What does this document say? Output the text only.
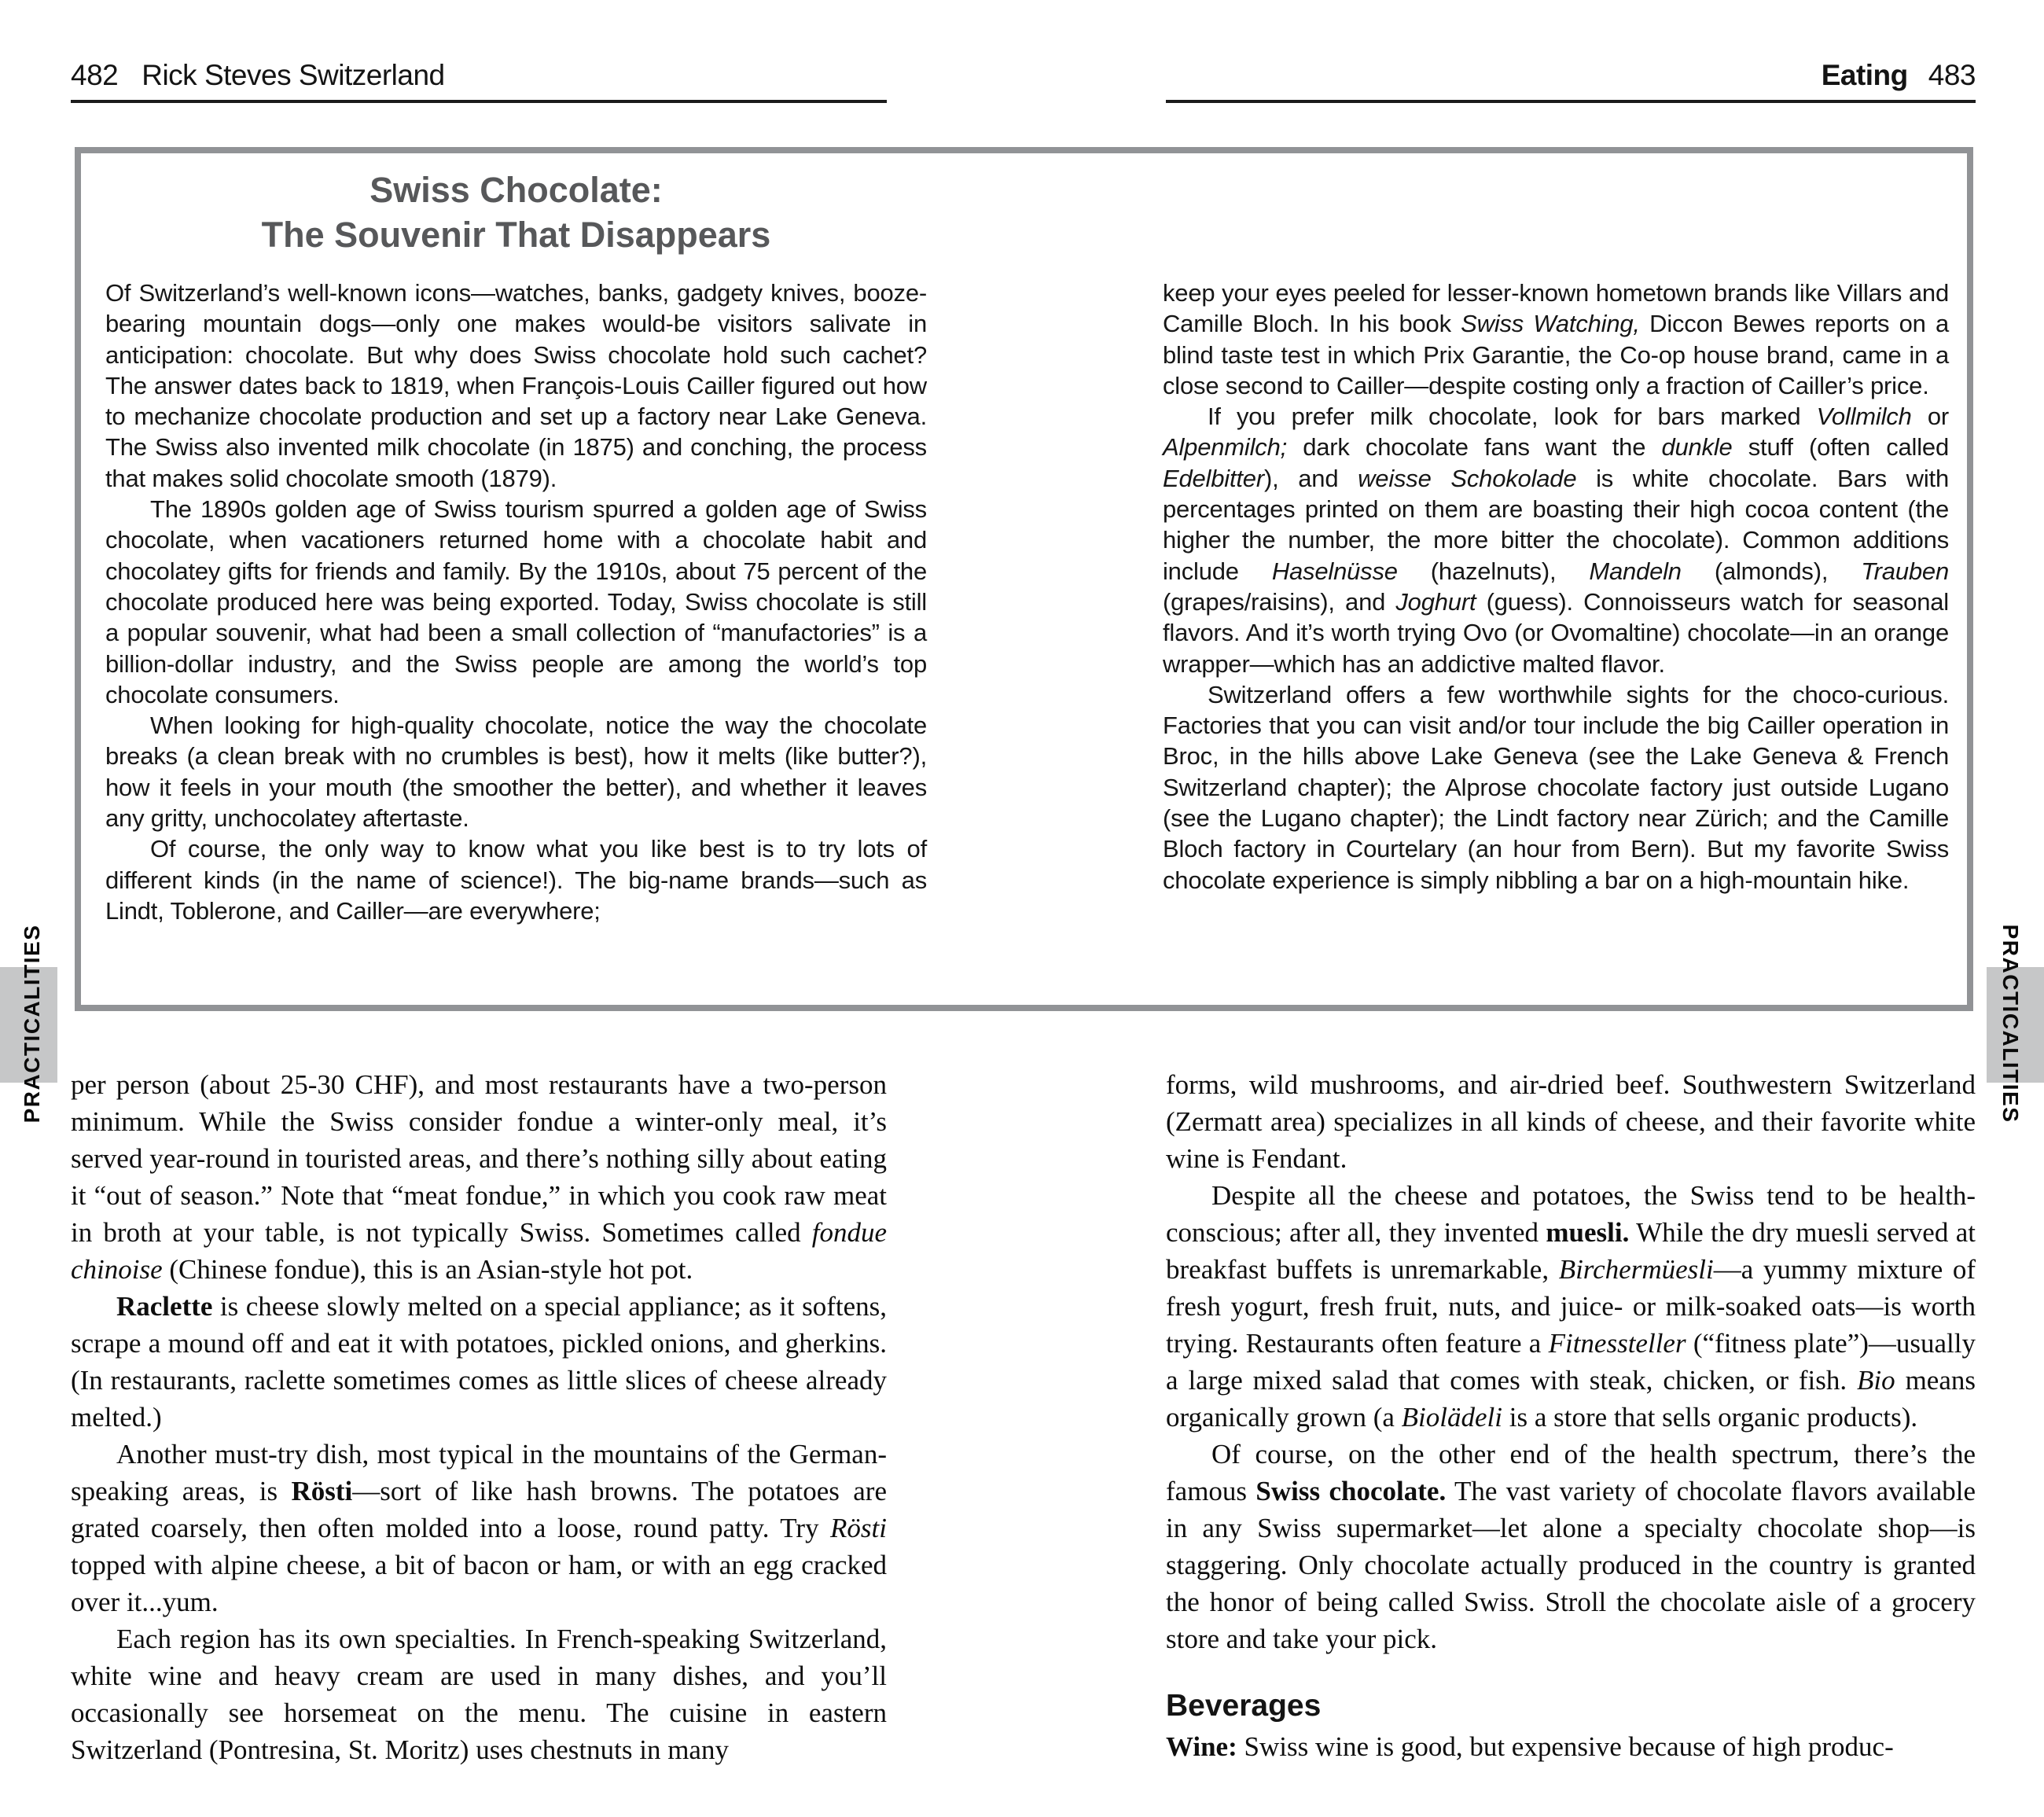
482 Rick Steves Switzerland	Eating 483
Swiss Chocolate:
The Souvenir That Disappears

Of Switzerland’s well-known icons—watches, banks, gadgety knives, booze-bearing mountain dogs—only one makes would-be visitors salivate in anticipation: chocolate. But why does Swiss chocolate hold such cachet? The answer dates back to 1819, when François-Louis Cailler figured out how to mechanize chocolate production and set up a factory near Lake Geneva. The Swiss also invented milk chocolate (in 1875) and conching, the process that makes solid chocolate smooth (1879).

The 1890s golden age of Swiss tourism spurred a golden age of Swiss chocolate, when vacationers returned home with a chocolate habit and chocolatey gifts for friends and family. By the 1910s, about 75 percent of the chocolate produced here was being exported. Today, Swiss chocolate is still a popular souvenir, what had been a small collection of “manufactories” is a billion-dollar industry, and the Swiss people are among the world’s top chocolate consumers.

When looking for high-quality chocolate, notice the way the chocolate breaks (a clean break with no crumbles is best), how it melts (like butter?), how it feels in your mouth (the smoother the better), and whether it leaves any gritty, unchocolatey aftertaste.

Of course, the only way to know what you like best is to try lots of different kinds (in the name of science!). The big-name brands—such as Lindt, Toblerone, and Cailler—are everywhere;

keep your eyes peeled for lesser-known hometown brands like Villars and Camille Bloch. In his book Swiss Watching, Diccon Bewes reports on a blind taste test in which Prix Garantie, the Co-op house brand, came in a close second to Cailler—despite costing only a fraction of Cailler’s price.

If you prefer milk chocolate, look for bars marked Vollmilch or Alpenmilch; dark chocolate fans want the dunkle stuff (often called Edelbitter), and weisse Schokolade is white chocolate. Bars with percentages printed on them are boasting their high cocoa content (the higher the number, the more bitter the chocolate). Common additions include Haselnüsse (hazelnuts), Mandeln (almonds), Trauben (grapes/raisins), and Joghurt (guess). Connoisseurs watch for seasonal flavors. And it’s worth trying Ovo (or Ovomaltine) chocolate—in an orange wrapper—which has an addictive malted flavor.

Switzerland offers a few worthwhile sights for the choco-curious. Factories that you can visit and/or tour include the big Cailler operation in Broc, in the hills above Lake Geneva (see the Lake Geneva & French Switzerland chapter); the Alprose chocolate factory just outside Lugano (see the Lugano chapter); the Lindt factory near Zürich; and the Camille Bloch factory in Courtelary (an hour from Bern). But my favorite Swiss chocolate experience is simply nibbling a bar on a high-mountain hike.

per person (about 25-30 CHF), and most restaurants have a two-person minimum. While the Swiss consider fondue a winter-only meal, it’s served year-round in touristed areas, and there’s nothing silly about eating it “out of season.” Note that “meat fondue,” in which you cook raw meat in broth at your table, is not typically Swiss. Sometimes called fondue chinoise (Chinese fondue), this is an Asian-style hot pot.

Raclette is cheese slowly melted on a special appliance; as it softens, scrape a mound off and eat it with potatoes, pickled onions, and gherkins. (In restaurants, raclette sometimes comes as little slices of cheese already melted.)

Another must-try dish, most typical in the mountains of the German-speaking areas, is Rösti—sort of like hash browns. The potatoes are grated coarsely, then often molded into a loose, round patty. Try Rösti topped with alpine cheese, a bit of bacon or ham, or with an egg cracked over it...yum.

Each region has its own specialties. In French-speaking Switzerland, white wine and heavy cream are used in many dishes, and you’ll occasionally see horsemeat on the menu. The cuisine in eastern Switzerland (Pontresina, St. Moritz) uses chestnuts in many

forms, wild mushrooms, and air-dried beef. Southwestern Switzerland (Zermatt area) specializes in all kinds of cheese, and their favorite white wine is Fendant.

Despite all the cheese and potatoes, the Swiss tend to be health-conscious; after all, they invented muesli. While the dry muesli served at breakfast buffets is unremarkable, Birchermüesli—a yummy mixture of fresh yogurt, fresh fruit, nuts, and juice- or milk-soaked oats—is worth trying. Restaurants often feature a Fitnessteller (“fitness plate”)—usually a large mixed salad that comes with steak, chicken, or fish. Bio means organically grown (a Biolädeli is a store that sells organic products).

Of course, on the other end of the health spectrum, there’s the famous Swiss chocolate. The vast variety of chocolate flavors available in any Swiss supermarket—let alone a specialty chocolate shop—is staggering. Only chocolate actually produced in the country is granted the honor of being called Swiss. Stroll the chocolate aisle of a grocery store and take your pick.

Beverages

Wine: Swiss wine is good, but expensive because of high produc-

PRACTICALITIES	PRACTICALITIES
